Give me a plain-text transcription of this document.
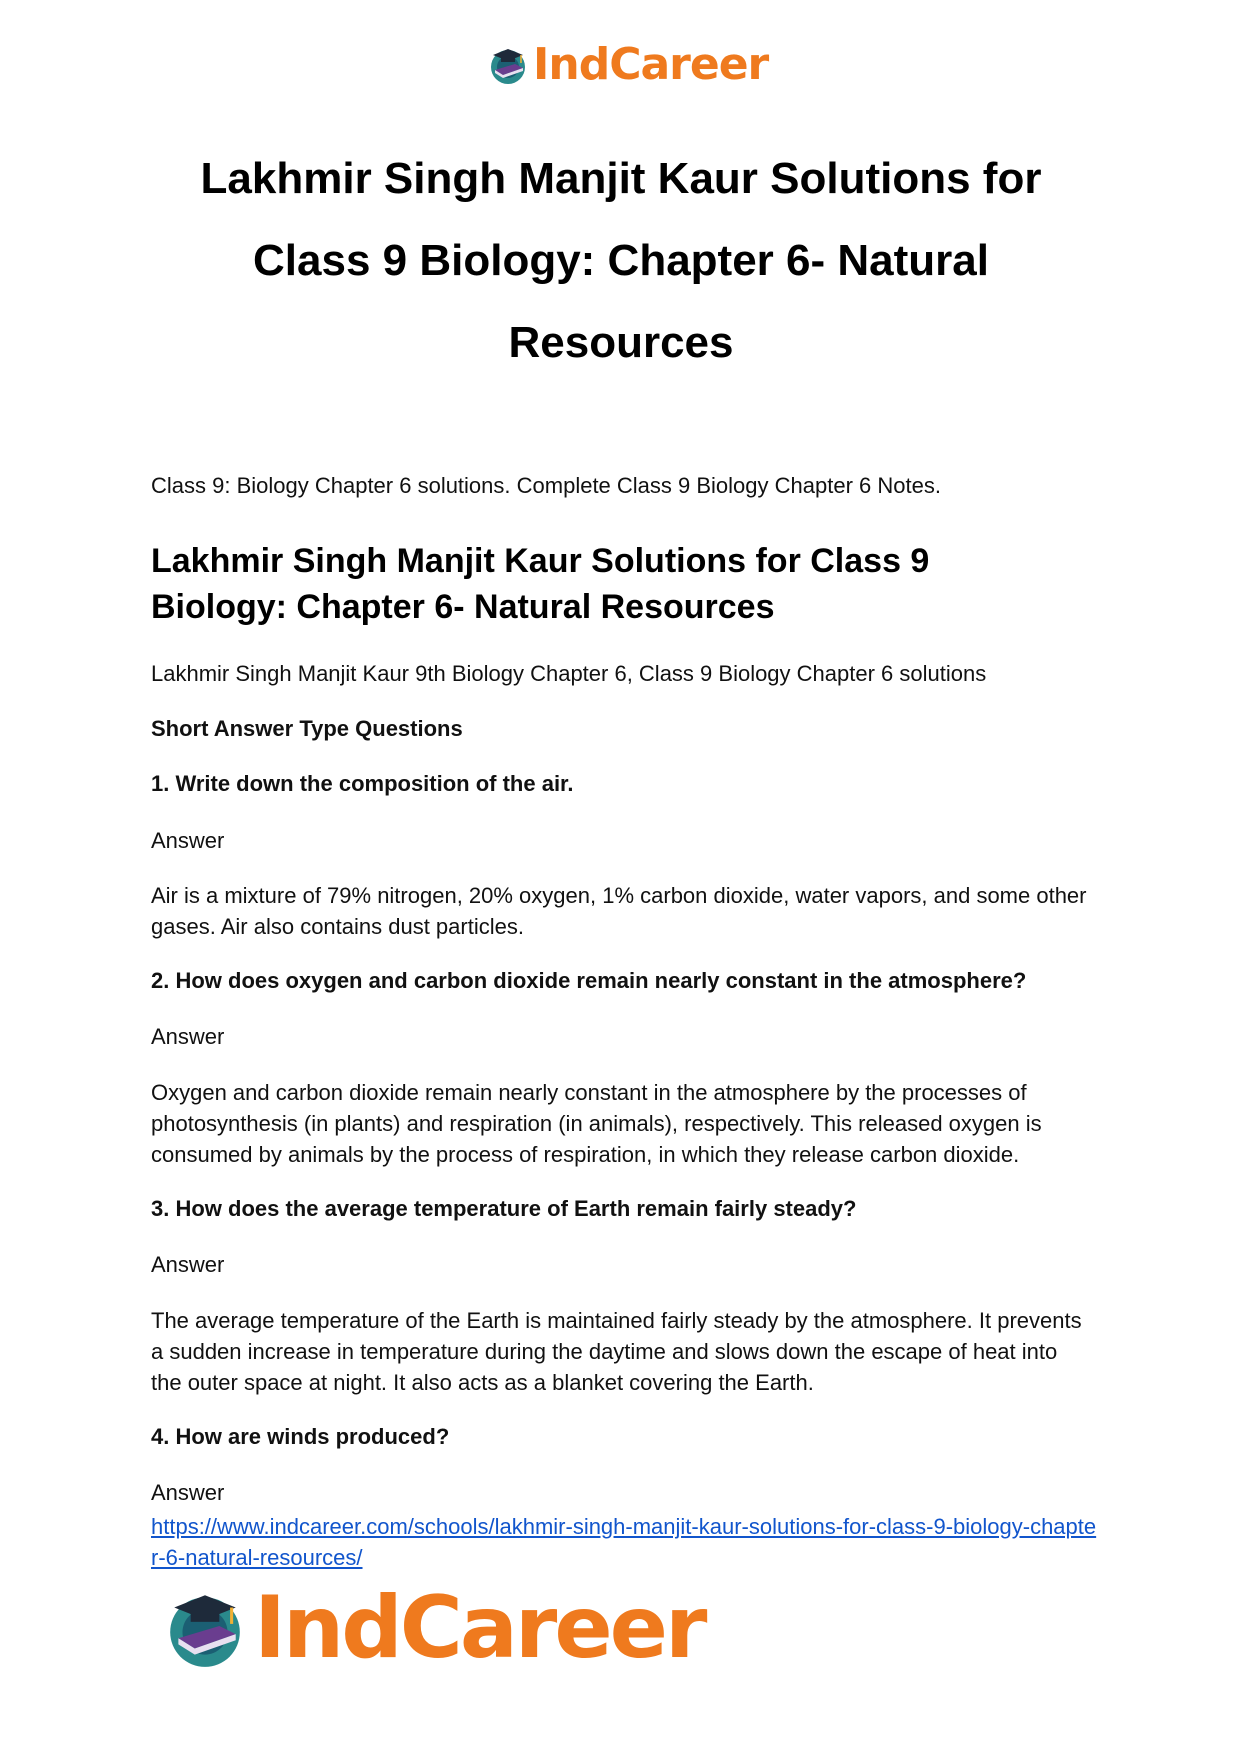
IndCareer
Lakhmir Singh Manjit Kaur Solutions for Class 9 Biology: Chapter 6- Natural Resources
Class 9: Biology Chapter 6 solutions. Complete Class 9 Biology Chapter 6 Notes.
Lakhmir Singh Manjit Kaur Solutions for Class 9 Biology: Chapter 6- Natural Resources
Lakhmir Singh Manjit Kaur 9th Biology Chapter 6, Class 9 Biology Chapter 6 solutions
Short Answer Type Questions
1. Write down the composition of the air.
Answer
Air is a mixture of 79% nitrogen, 20% oxygen, 1% carbon dioxide, water vapors, and some other gases. Air also contains dust particles.
2. How does oxygen and carbon dioxide remain nearly constant in the atmosphere?
Answer
Oxygen and carbon dioxide remain nearly constant in the atmosphere by the processes of photosynthesis (in plants) and respiration (in animals), respectively. This released oxygen is consumed by animals by the process of respiration, in which they release carbon dioxide.
3. How does the average temperature of Earth remain fairly steady?
Answer
The average temperature of the Earth is maintained fairly steady by the atmosphere. It prevents a sudden increase in temperature during the daytime and slows down the escape of heat into the outer space at night. It also acts as a blanket covering the Earth.
4. How are winds produced?
Answer
https://www.indcareer.com/schools/lakhmir-singh-manjit-kaur-solutions-for-class-9-biology-chapter-6-natural-resources/
IndCareer
